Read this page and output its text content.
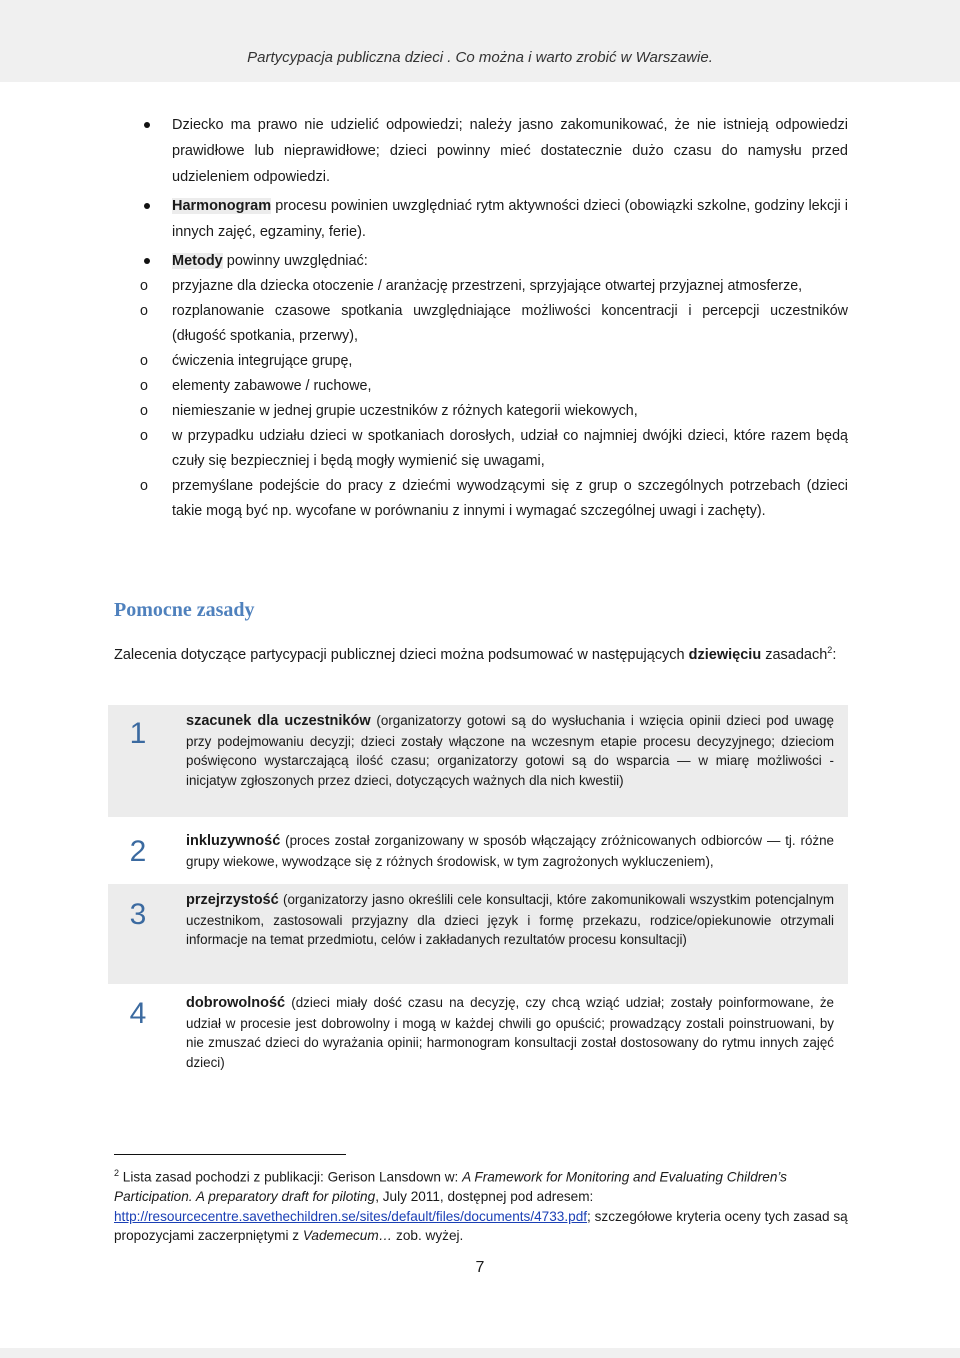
Partycypacja publiczna dzieci . Co można i warto zrobić w Warszawie.
Dziecko ma prawo nie udzielić odpowiedzi; należy jasno zakomunikować, że nie istnieją odpowiedzi prawidłowe lub nieprawidłowe; dzieci powinny mieć dostatecznie dużo czasu do namysłu przed udzieleniem odpowiedzi.
Harmonogram procesu powinien uwzględniać rytm aktywności dzieci (obowiązki szkolne, godziny lekcji i innych zajęć, egzaminy, ferie).
Metody powinny uwzględniać:
o przyjazne dla dziecka otoczenie / aranżację przestrzeni, sprzyjające otwartej przyjaznej atmosferze,
o rozplanowanie czasowe spotkania uwzględniające możliwości koncentracji i percepcji uczestników (długość spotkania, przerwy),
o ćwiczenia integrujące grupę,
o elementy zabawowe / ruchowe,
o niemieszanie w jednej grupie uczestników z różnych kategorii wiekowych,
o w przypadku udziału dzieci w spotkaniach dorosłych, udział co najmniej dwójki dzieci, które razem będą czuły się bezpieczniej i będą mogły wymienić się uwagami,
o przemyślane podejście do pracy z dziećmi wywodzącymi się z grup o szczególnych potrzebach (dzieci takie mogą być np. wycofane w porównaniu z innymi i wymagać szczególnej uwagi i zachęty).
Pomocne zasady
Zalecenia dotyczące partycypacji publicznej dzieci można podsumować w następujących dziewięciu zasadach$^2$:
1	szacunek dla uczestników (organizatorzy gotowi są do wysłuchania i wzięcia opinii dzieci pod uwagę przy podejmowaniu decyzji; dzieci zostały włączone na wczesnym etapie procesu decyzyjnego; dzieciom poświęcono wystarczającą ilość czasu; organizatorzy gotowi są do wsparcia — w miarę możliwości - inicjatyw zgłoszonych przez dzieci, dotyczących ważnych dla nich kwestii)
2	inkluzywność (proces został zorganizowany w sposób włączający zróżnicowanych odbiorców — tj. różne grupy wiekowe, wywodzące się z różnych środowisk, w tym zagrożonych wykluczeniem),
3	przejrzystość (organizatorzy jasno określili cele konsultacji, które zakomunikowali wszystkim potencjalnym uczestnikom, zastosowali przyjazny dla dzieci język i formę przekazu, rodzice/opiekunowie otrzymali informacje na temat przedmiotu, celów i zakładanych rezultatów procesu konsultacji)
4	dobrowolność (dzieci miały dość czasu na decyzję, czy chcą wziąć udział; zostały poinformowane, że udział w procesie jest dobrowolny i mogą w każdej chwili go opuścić; prowadzący zostali poinstruowani, by nie zmuszać dzieci do wyrażania opinii; harmonogram konsultacji został dostosowany do rytmu innych zajęć dzieci)
$^2$ Lista zasad pochodzi z publikacji: Gerison Lansdown w: A Framework for Monitoring and Evaluating Children’s Participation. A preparatory draft for piloting, July 2011, dostępnej pod adresem: http://resourcecentre.savethechildren.se/sites/default/files/documents/4733.pdf; szczegółowe kryteria oceny tych zasad są propozycjami zaczerpniętymi z Vademecum… zob. wyżej.
7
